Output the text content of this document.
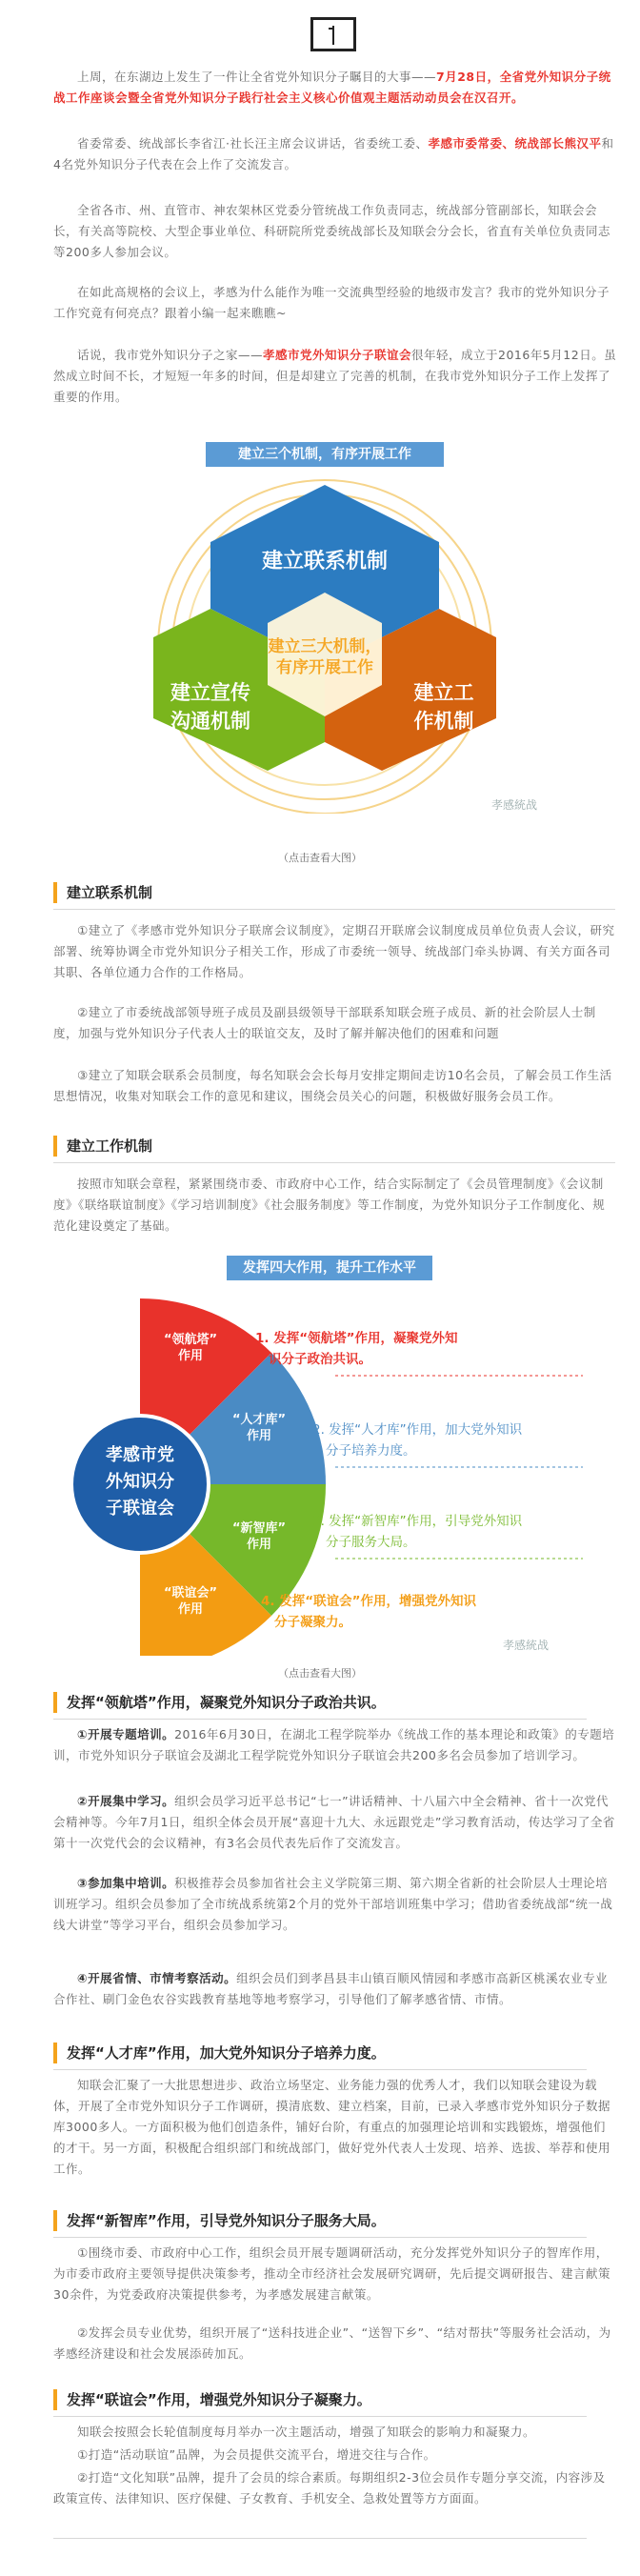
上周，在东湖边上发生了一件让全省党外知识分子瞩目的大事——7月28日，全省党外知识分子统战工作座谈会暨全省党外知识分子践行社会主义核心价值观主题活动动员会在汉召开。

省委常委、统战部长李省江·社长汪主席会议讲话，省委统工委、孝感市委常委、统战部长熊汉平和4名党外知识分子代表在会上作了交流发言。

全省各市、州、直管市、神农架林区党委分管统战工作负责同志，统战部分管副部长，知联会会长，有关高等院校、大型企事业单位、科研院所党委统战部长及知联会分会长，省直有关单位负责同志等200多人参加会议。

在如此高规格的会议上，孝感为什么能作为唯一交流典型经验的地级市发言？我市的党外知识分子工作究竟有何亮点？跟着小编一起来瞧瞧~

话说，我市党外知识分子之家——孝感市党外知识分子联谊会很年轻，成立于2016年5月12日。虽然成立时间不长，才短短一年多的时间，但是却建立了完善的机制，在我市党外知识分子工作上发挥了重要的作用。

建立三个机制，有序开展工作
建立联系机制
建立宣传
沟通机制
建立工
作机制
建立三大机制，
有序开展工作
孝感統战
（点击查看大图）
建立联系机制

①建立了《孝感市党外知识分子联席会议制度》，定期召开联席会议制度成员单位负责人会议，研究部署、统筹协调全市党外知识分子相关工作，形成了市委统一领导、统战部门牵头协调、有关方面各司其职、各单位通力合作的工作格局。

②建立了市委统战部领导班子成员及副县级领导干部联系知联会班子成员、新的社会阶层人士制度，加强与党外知识分子代表人士的联谊交友，及时了解并解决他们的困难和问题

③建立了知联会联系会员制度，每名知联会会长每月安排定期间走访10名会员，了解会员工作生活思想情况，收集对知联会工作的意见和建议，围绕会员关心的问题，积极做好服务会员工作。

建立工作机制

按照市知联会章程，紧紧围绕市委、市政府中心工作，结合实际制定了《会员管理制度》《会议制度》《联络联谊制度》《学习培训制度》《社会服务制度》等工作制度，为党外知识分子工作制度化、规范化建设奠定了基础。

发挥四大作用，提升工作水平
孝感市党
外知识分
子联谊会
“领航塔”
作用
“人才库”
作用
“新智库”
作用
“联谊会”
作用
1. 发挥“领航塔”作用，凝聚党外知
识分子政治共识。
2. 发挥“人才库”作用，加大党外知识
分子培养力度。
3. 发挥“新智库”作用，引导党外知识
分子服务大局。
4. 发挥“联谊会”作用，增强党外知识
分子凝聚力。
孝感統战
（点击查看大图）
发挥“领航塔”作用，凝聚党外知识分子政治共识。

①开展专题培训。2016年6月30日，在湖北工程学院举办《统战工作的基本理论和政策》的专题培训，市党外知识分子联谊会及湖北工程学院党外知识分子联谊会共200多名会员参加了培训学习。

②开展集中学习。组织会员学习近平总书记“七一”讲话精神、十八届六中全会精神、省十一次党代会精神等。今年7月1日，组织全体会员开展“喜迎十九大、永远跟党走”学习教育活动，传达学习了全省第十一次党代会的会议精神，有3名会员代表先后作了交流发言。

③参加集中培训。积极推荐会员参加省社会主义学院第三期、第六期全省新的社会阶层人士理论培训班学习。组织会员参加了全市统战系统第2个月的党外干部培训班集中学习；借助省委统战部“统一战线大讲堂”等学习平台，组织会员参加学习。

④开展省情、市情考察活动。组织会员们到孝昌县丰山镇百顺风情园和孝感市高新区桃溪农业专业合作社、刷门金色农谷实践教育基地等地考察学习，引导他们了解孝感省情、市情。

发挥“人才库”作用，加大党外知识分子培养力度。

知联会汇聚了一大批思想进步、政治立场坚定、业务能力强的优秀人才，我们以知联会建设为载体，开展了全市党外知识分子工作调研，摸清底数、建立档案，目前，已录入孝感市党外知识分子数据库3000多人。一方面积极为他们创造条件，铺好台阶，有重点的加强理论培训和实践锻炼，增强他们的才干。另一方面，积极配合组织部门和统战部门，做好党外代表人士发现、培养、选拔、举荐和使用工作。

发挥“新智库”作用，引导党外知识分子服务大局。

①围绕市委、市政府中心工作，组织会员开展专题调研活动，充分发挥党外知识分子的智库作用，为市委市政府主要领导提供决策参考，推动全市经济社会发展研究调研，先后提交调研报告、建言献策30余件，为党委政府决策提供参考，为孝感发展建言献策。

②发挥会员专业优势，组织开展了“送科技进企业”、“送智下乡”、“结对帮扶”等服务社会活动，为孝感经济建设和社会发展添砖加瓦。

发挥“联谊会”作用，增强党外知识分子凝聚力。

知联会按照会长轮值制度每月举办一次主题活动，增强了知联会的影响力和凝聚力。

①打造“活动联谊”品牌，为会员提供交流平台，增进交往与合作。

②打造“文化知联”品牌，提升了会员的综合素质。每期组织2-3位会员作专题分享交流，内容涉及政策宣传、法律知识、医疗保健、子女教育、手机安全、急救处置等方方面面。
